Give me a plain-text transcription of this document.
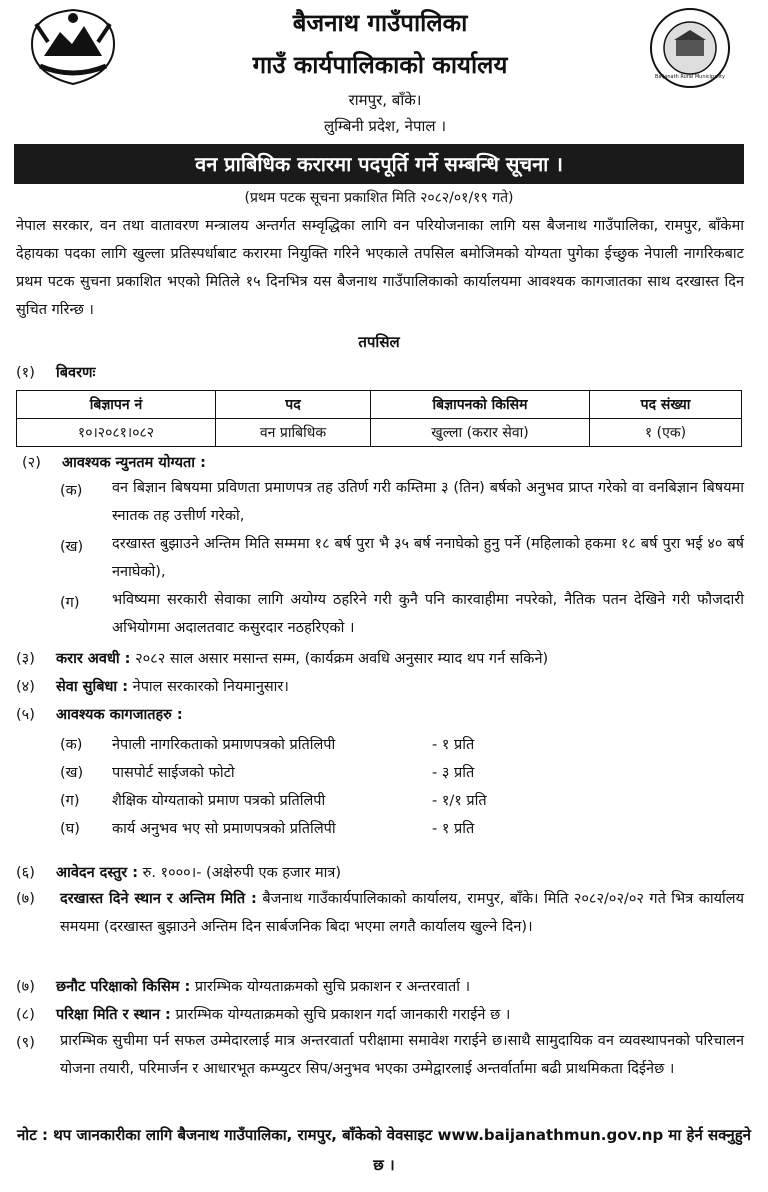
बैजनाथ गाउँपालिका
गाउँ कार्यपालिकाको कार्यालय
रामपुर, बाँके।
लुम्बिनी प्रदेश, नेपाल ।
Baijanath Rural Municipality
वन प्राबिधिक करारमा पदपूर्ति गर्ने सम्बन्धि सूचना ।
(प्रथम पटक सूचना प्रकाशित मिति २०८२/०१/१९ गते)
नेपाल सरकार, वन तथा वातावरण मन्त्रालय अन्तर्गत सम्वृद्धिका लागि वन परियोजनाका लागि यस बैजनाथ गाउँपालिका, रामपुर, बाँकेमा देहायका पदका लागि खुल्ला प्रतिस्पर्धाबाट करारमा नियुक्ति गरिने भएकाले तपसिल बमोजिमको योग्यता पुगेका ईच्छुक नेपाली नागरिकबाट प्रथम पटक सुचना प्रकाशित भएको मितिले १५ दिनभित्र यस बैजनाथ गाउँपालिकाको कार्यालयमा आवश्यक कागजातका साथ दरखास्त दिन सुचित गरिन्छ ।
तपसिल
(१) बिवरणः
बिज्ञापन नं	पद	बिज्ञापनको किसिम	पद संख्या
१०।२०८१।०८२	वन प्राबिधिक	खुल्ला (करार सेवा)	१ (एक)
(२) आवश्यक न्युनतम योग्यता :
(क)	वन बिज्ञान बिषयमा प्रविणता प्रमाणपत्र तह उतिर्ण गरी कम्तिमा ३ (तिन) बर्षको अनुभव प्राप्त गरेको वा वनबिज्ञान बिषयमा स्नातक तह उत्तीर्ण गरेको,
(ख)	दरखास्त बुझाउने अन्तिम मिति सम्ममा १८ बर्ष पुरा भै ३५ बर्ष ननाघेको हुनु पर्ने (महिलाको हकमा १८ बर्ष पुरा भई ४० बर्ष ननाघेको),
(ग)	भविष्यमा सरकारी सेवाका लागि अयोग्य ठहरिने गरी कुनै पनि कारवाहीमा नपरेको, नैतिक पतन देखिने गरी फौजदारी अभियोगमा अदालतवाट कसुरदार नठहरिएको ।
(३) करार अवधी : २०८२ साल असार मसान्त सम्म, (कार्यक्रम अवधि अनुसार म्याद थप गर्न सकिने)
(४) सेवा सुबिधा : नेपाल सरकारको नियमानुसार।
(५) आवश्यक कागजातहरु :
(क)	नेपाली नागरिकताको प्रमाणपत्रको प्रतिलिपी	- १ प्रति
(ख)	पासपोर्ट साईजको फोटो	- ३ प्रति
(ग)	शैक्षिक योग्यताको प्रमाण पत्रको प्रतिलिपी	- १/१ प्रति
(घ)	कार्य अनुभव भए सो प्रमाणपत्रको प्रतिलिपी	- १ प्रति
(६) आवेदन दस्तुर : रु. १०००।- (अक्षेरुपी एक हजार मात्र)
(७)	दरखास्त दिने स्थान र अन्तिम मिति : बैजनाथ गाउँकार्यपालिकाको कार्यालय, रामपुर, बाँके। मिति २०८२/०२/०२ गते भित्र कार्यालय समयमा (दरखास्त बुझाउने अन्तिम दिन सार्बजनिक बिदा भएमा लगतै कार्यालय खुल्ने दिन)।
(७) छनौट परिक्षाको किसिम : प्रारम्भिक योग्यताक्रमको सुचि प्रकाशन र अन्तरवार्ता ।
(८) परिक्षा मिति र स्थान : प्रारम्भिक योग्यताक्रमको सुचि प्रकाशन गर्दा जानकारी गराईने छ ।
(९)	प्रारम्भिक सुचीमा पर्न सफल उम्मेदारलाई मात्र अन्तरवार्ता परीक्षामा समावेश गराईने छ।साथै सामुदायिक वन व्यवस्थापनको परिचालन योजना तयारी, परिमार्जन र आधारभूत कम्प्युटर सिप/अनुभव भएका उम्मेद्वारलाई अन्तर्वार्तामा बढी प्राथमिकता दिईनेछ ।
नोट : थप जानकारीका लागि बैजनाथ गाउँपालिका, रामपुर, बाँकेको वेवसाइट www.baijanathmun.gov.np मा हेर्न सक्नुहुने छ ।
